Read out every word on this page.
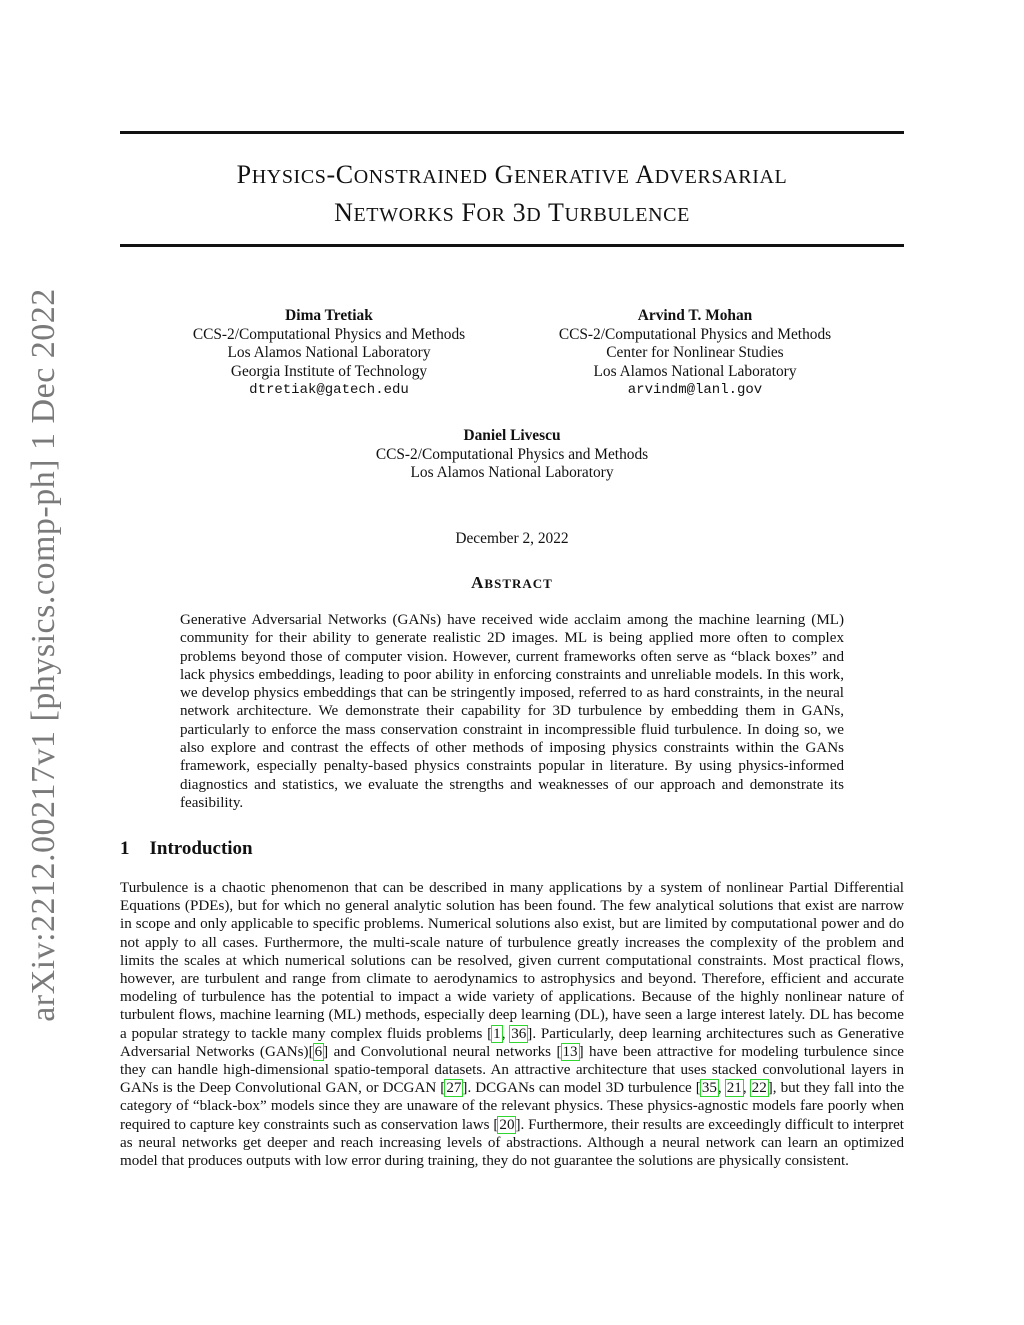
arXiv:2212.00217v1 [physics.comp-ph] 1 Dec 2022
PHYSICS-CONSTRAINED GENERATIVE ADVERSARIAL
NETWORKS FOR 3D TURBULENCE
Dima Tretiak
CCS-2/Computational Physics and Methods
Los Alamos National Laboratory
Georgia Institute of Technology
dtretiak@gatech.edu
Arvind T. Mohan
CCS-2/Computational Physics and Methods
Center for Nonlinear Studies
Los Alamos National Laboratory
arvindm@lanl.gov
Daniel Livescu
CCS-2/Computational Physics and Methods
Los Alamos National Laboratory
December 2, 2022
ABSTRACT
Generative Adversarial Networks (GANs) have received wide acclaim among the machine learning (ML) community for their ability to generate realistic 2D images. ML is being applied more often to complex problems beyond those of computer vision. However, current frameworks often serve as “black boxes” and lack physics embeddings, leading to poor ability in enforcing constraints and unreliable models. In this work, we develop physics embeddings that can be stringently imposed, referred to as hard constraints, in the neural network architecture. We demonstrate their capability for 3D turbulence by embedding them in GANs, particularly to enforce the mass conservation constraint in incompressible fluid turbulence. In doing so, we also explore and contrast the effects of other methods of imposing physics constraints within the GANs framework, especially penalty-based physics constraints popular in literature. By using physics-informed diagnostics and statistics, we evaluate the strengths and weaknesses of our approach and demonstrate its feasibility.
1 Introduction
Turbulence is a chaotic phenomenon that can be described in many applications by a system of nonlinear Partial Differential Equations (PDEs), but for which no general analytic solution has been found. The few analytical solutions that exist are narrow in scope and only applicable to specific problems. Numerical solutions also exist, but are limited by computational power and do not apply to all cases. Furthermore, the multi-scale nature of turbulence greatly increases the complexity of the problem and limits the scales at which numerical solutions can be resolved, given current computational constraints. Most practical flows, however, are turbulent and range from climate to aerodynamics to astrophysics and beyond. Therefore, efficient and accurate modeling of turbulence has the potential to impact a wide variety of applications. Because of the highly nonlinear nature of turbulent flows, machine learning (ML) methods, especially deep learning (DL), have seen a large interest lately. DL has become a popular strategy to tackle many complex fluids problems [1, 36]. Particularly, deep learning architectures such as Generative Adversarial Networks (GANs)[6] and Convolutional neural networks [13] have been attractive for modeling turbulence since they can handle high-dimensional spatio-temporal datasets. An attractive architecture that uses stacked convolutional layers in GANs is the Deep Convolutional GAN, or DCGAN [27]. DCGANs can model 3D turbulence [35, 21, 22], but they fall into the category of “black-box” models since they are unaware of the relevant physics. These physics-agnostic models fare poorly when required to capture key constraints such as conservation laws [20]. Furthermore, their results are exceedingly difficult to interpret as neural networks get deeper and reach increasing levels of abstractions. Although a neural network can learn an optimized model that produces outputs with low error during training, they do not guarantee the solutions are physically consistent.
